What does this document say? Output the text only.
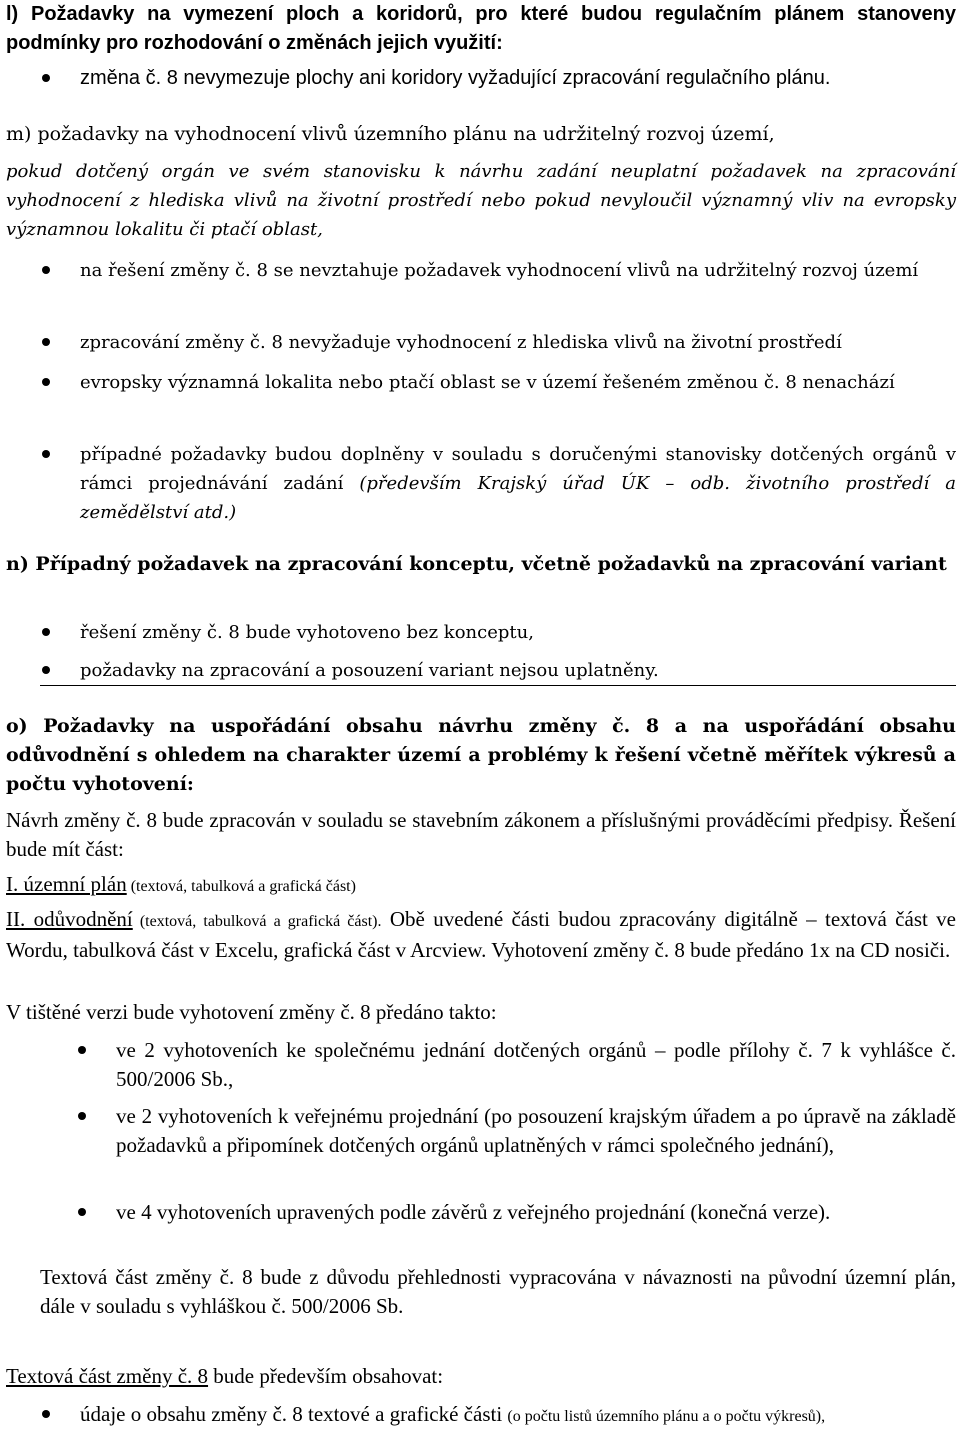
l) Požadavky na vymezení ploch a koridorů, pro které budou regulačním plánem stanoveny podmínky pro rozhodování o změnách jejich využití:
změna č. 8 nevymezuje plochy ani koridory vyžadující zpracování regulačního plánu.
m) požadavky na vyhodnocení vlivů územního plánu na udržitelný rozvoj území,
pokud dotčený orgán ve svém stanovisku k návrhu zadání neuplatní požadavek na zpracování vyhodnocení z hlediska vlivů na životní prostředí nebo pokud nevyloučil významný vliv na evropsky významnou lokalitu či ptačí oblast,
na řešení změny č. 8 se nevztahuje požadavek vyhodnocení vlivů na udržitelný rozvoj území
zpracování změny č. 8 nevyžaduje vyhodnocení z hlediska vlivů na životní prostředí
evropsky významná lokalita nebo ptačí oblast se v území řešeném změnou č. 8 nenachází
případné požadavky budou doplněny v souladu s doručenými stanovisky dotčených orgánů v rámci projednávání zadání (především Krajský úřad ÚK – odb. životního prostředí a zemědělství atd.)
n) Případný požadavek na zpracování konceptu, včetně požadavků na zpracování variant
řešení změny č. 8 bude vyhotoveno bez konceptu,
požadavky na zpracování a posouzení variant nejsou uplatněny.
o) Požadavky na uspořádání obsahu návrhu změny č. 8 a na uspořádání obsahu odůvodnění s ohledem na charakter území a problémy k řešení včetně měřítek výkresů a počtu vyhotovení:
Návrh změny č. 8 bude zpracován v souladu se stavebním zákonem a příslušnými prováděcími předpisy. Řešení bude mít část:
I. územní plán (textová, tabulková a grafická část)
II. odůvodnění (textová, tabulková a grafická část). Obě uvedené části budou zpracovány digitálně – textová část ve Wordu, tabulková část v Excelu, grafická část v Arcview. Vyhotovení změny č. 8 bude předáno 1x na CD nosiči.
V tištěné verzi bude vyhotovení změny č. 8 předáno takto:
ve 2 vyhotoveních ke společnému jednání dotčených orgánů – podle přílohy č. 7 k vyhlášce č. 500/2006 Sb.,
ve 2 vyhotoveních k veřejnému projednání (po posouzení krajským úřadem a po úpravě na základě požadavků a připomínek dotčených orgánů uplatněných v rámci společného jednání),
ve 4 vyhotoveních upravených podle závěrů z veřejného projednání (konečná verze).
Textová část změny č. 8 bude z důvodu přehlednosti vypracována v návaznosti na původní územní plán, dále v souladu s vyhláškou č. 500/2006 Sb.
Textová část změny č. 8 bude především obsahovat:
údaje o obsahu změny č. 8 textové a grafické části (o počtu listů územního plánu a o počtu výkresů),
